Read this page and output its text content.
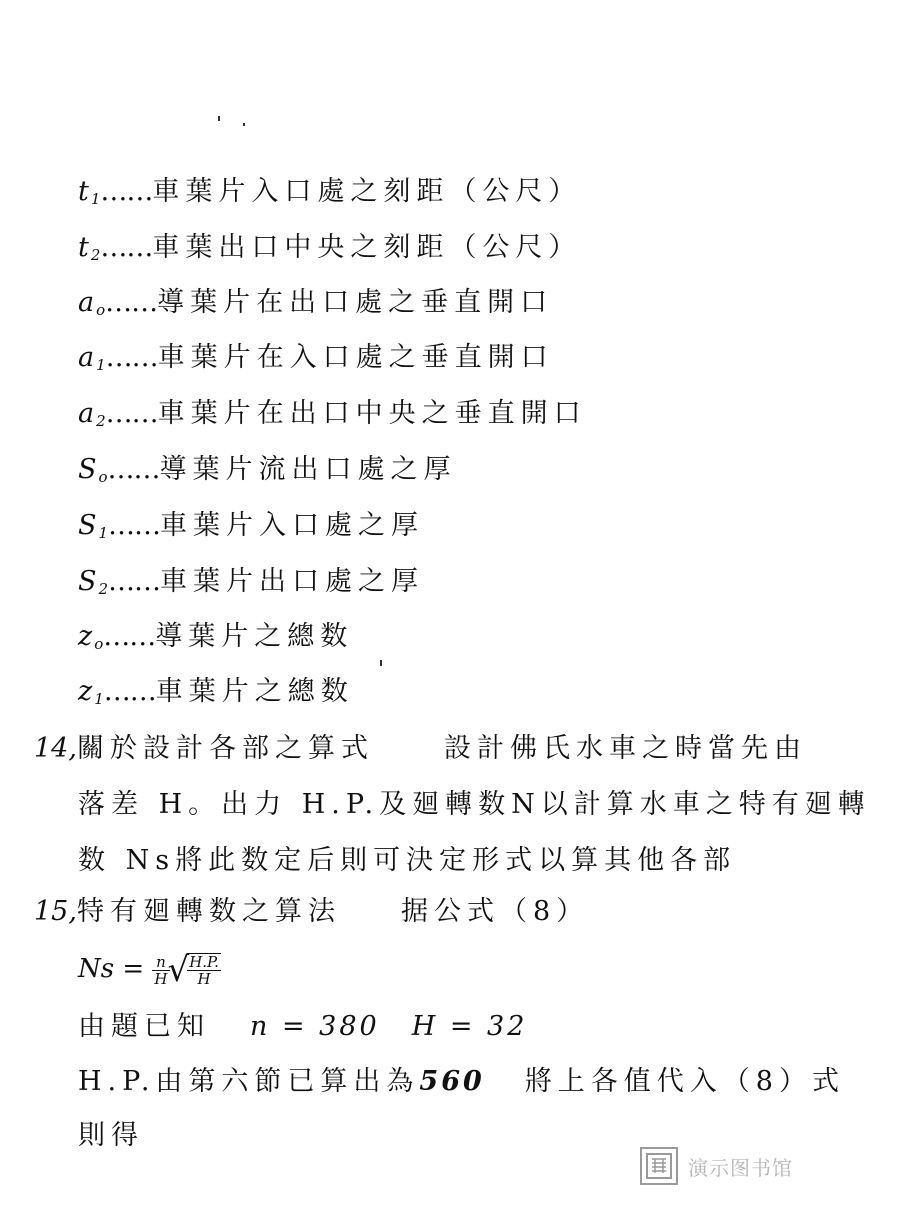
t $_1$……車葉片入口處之刻距（公尺）
t $_2$……車葉出口中央之刻距（公尺）
a $_o$……導葉片在出口處之垂直開口
a $_1$……車葉片在入口處之垂直開口
a $_2$……車葉片在出口中央之垂直開口
S $_o$……導葉片流出口處之厚
S $_1$……車葉片入口處之厚
S $_2$……車葉片出口處之厚
z $_o$……導葉片之總数
z $_1$……車葉片之總数
14,關於設計各部之算式	設計佛氏水車之時當先由
落差 H。出力 H.P.及廻轉数N以計算水車之特有廻轉
数 Ns將此数定后則可決定形式以算其他各部
15,特有廻轉数之算法 据公式（8）
$Ns = \frac{n}{H}$
√
$\frac{H.P.}{H}$
由題已知 n = 380 H = 32
H.P.由第六節已算出為560 將上各值代入（8）式
則得
演示图书馆
